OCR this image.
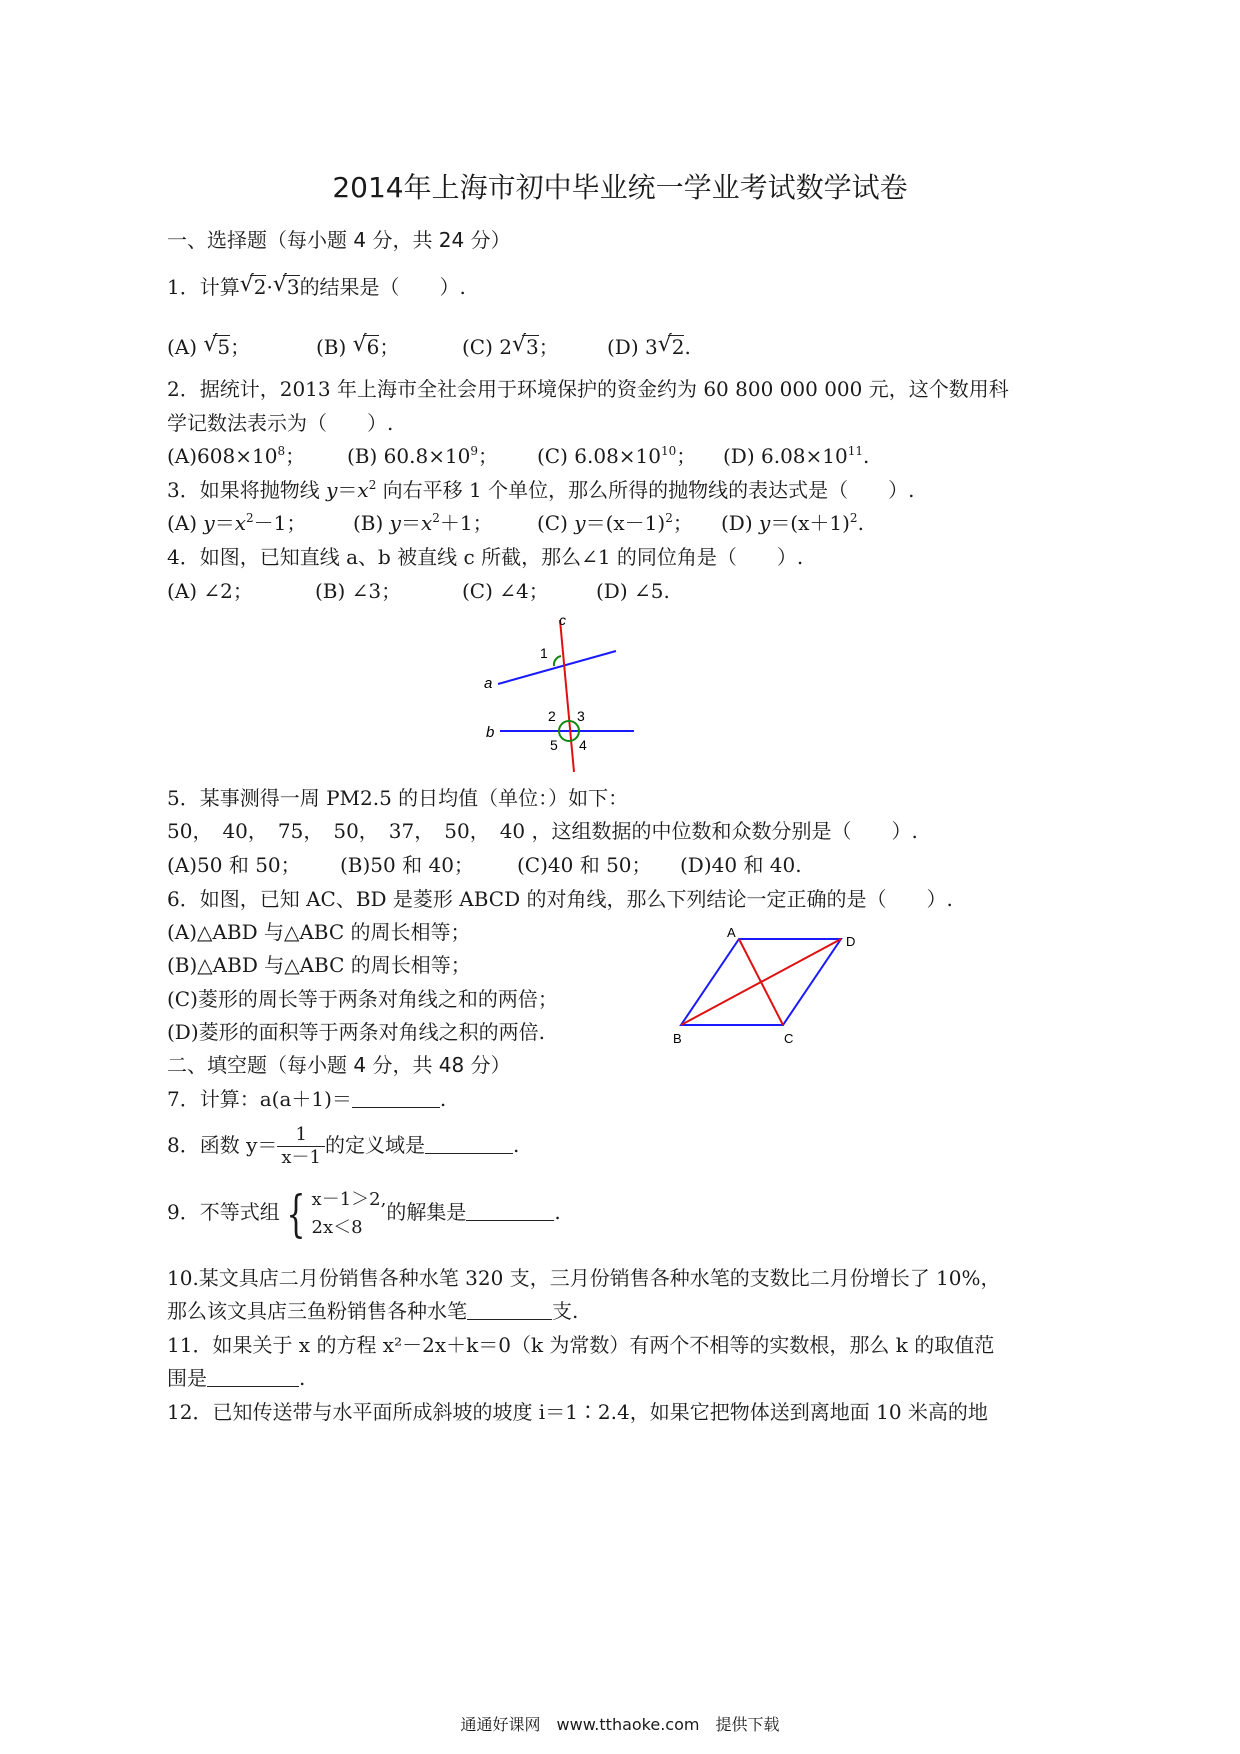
2014年上海市初中毕业统一学业考试数学试卷
一、选择题（每小题 4 分，共 24 分）
1．计算 √ 2· √ 3的结果是（　　）.
(A) √ 5；	(B) √ 6；	(C) 2 √ 3； (D) 3 √ 2.
2．据统计，2013 年上海市全社会用于环境保护的资金约为 60 800 000 000 元，这个数用科
学记数法表示为（　　）.
$(A)608\times 10^8$； (B) $60.8\times 10^9$； (C) $6.08\times 10^{10}$； (D) $6.08\times 10^{11}$.
3．如果将抛物线 $y=x^2$ 向右平移 1 个单位，那么所得的抛物线的表达式是（　　）.
(A) $y=x^2-1$； (B) $y=x^2+1$； (C) $y=(x-1)^2$； (D) $y=(x+1)^2$.
4．如图，已知直线 a、b 被直线 c 所截，那么∠1 的同位角是（　　）.
(A) ∠2；	(B) ∠3；	(C) ∠4； (D) ∠5.
c
1
a
2 3
b
5 4
5．某事测得一周 PM2.5 的日均值（单位：）如下：
50，　40，　75，　50，　37，　50，　40 ，这组数据的中位数和众数分别是（　　）.
(A)50 和 50； (B)50 和 40； (C)40 和 50； (D)40 和 40.
6．如图，已知 AC、BD 是菱形 ABCD 的对角线，那么下列结论一定正确的是（　　）.
(A)△ABD 与△ABC 的周长相等；
(B)△ABD 与△ABC 的周长相等；
(C)菱形的周长等于两条对角线之和的两倍；
(D)菱形的面积等于两条对角线之积的两倍.
A
D
B	C
二、填空题（每小题 4 分，共 48 分）
7．计算：a(a＋1)＝	.
8．函数 $y= \frac{1}{x-1}$ 的定义域是	.
9．不等式组 { x－1＞2,
2x＜8
的解集是	.
10.某文具店二月份销售各种水笔 320 支，三月份销售各种水笔的支数比二月份增长了 10%，
那么该文具店三鱼粉销售各种水笔	支.
11．如果关于 x 的方程 x²－2x＋k＝0（k 为常数）有两个不相等的实数根，那么 k 的取值范
围是	.
12．已知传送带与水平面所成斜坡的坡度 i＝1∶2.4，如果它把物体送到离地面 10 米高的地
通通好课网　www.tthaoke.com　提供下载
